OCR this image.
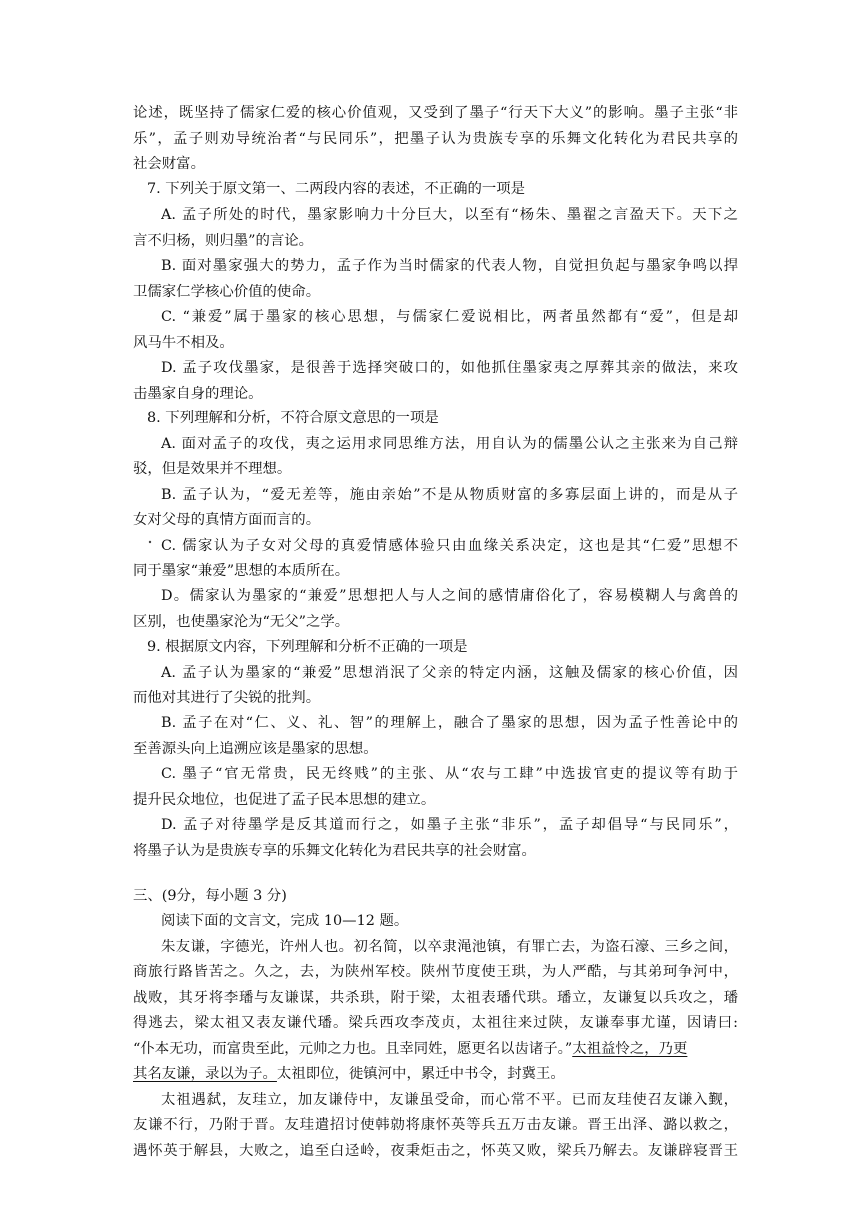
论述，既坚持了儒家仁爱的核心价值观，又受到了墨子“行天下大义”的影响。墨子主张“非
乐”，孟子则劝导统治者“与民同乐”，把墨子认为贵族专享的乐舞文化转化为君民共享的
社会财富。
7. 下列关于原文第一、二两段内容的表述，不正确的一项是
A. 孟子所处的时代，墨家影响力十分巨大，以至有“杨朱、墨翟之言盈天下。天下之
言不归杨，则归墨”的言论。
B. 面对墨家强大的势力，孟子作为当时儒家的代表人物，自觉担负起与墨家争鸣以捍
卫儒家仁学核心价值的使命。
C. “兼爱”属于墨家的核心思想，与儒家仁爱说相比，两者虽然都有“爱”，但是却
风马牛不相及。
D. 孟子攻伐墨家，是很善于选择突破口的，如他抓住墨家夷之厚葬其亲的做法，来攻
击墨家自身的理论。
8. 下列理解和分析，不符合原文意思的一项是
A. 面对孟子的攻伐，夷之运用求同思维方法，用自认为的儒墨公认之主张来为自己辩
驳，但是效果并不理想。
B. 孟子认为，“爱无差等，施由亲始”不是从物质财富的多寡层面上讲的，而是从子
女对父母的真情方面而言的。
C. 儒家认为子女对父母的真爱情感体验只由血缘关系决定，这也是其“仁爱”思想不
同于墨家“兼爱”思想的本质所在。
D。儒家认为墨家的“兼爱”思想把人与人之间的感情庸俗化了，容易模糊人与禽兽的
区别，也使墨家沦为“无父”之学。
9. 根据原文内容，下列理解和分析不正确的一项是
A. 孟子认为墨家的“兼爱”思想消泯了父亲的特定内涵，这触及儒家的核心价值，因
而他对其进行了尖锐的批判。
B. 孟子在对“仁、义、礼、智”的理解上，融合了墨家的思想，因为孟子性善论中的
至善源头向上追溯应该是墨家的思想。
C. 墨子“官无常贵，民无终贱”的主张、从“农与工肆”中选拔官吏的提议等有助于
提升民众地位，也促进了孟子民本思想的建立。
D. 孟子对待墨学是反其道而行之，如墨子主张“非乐”，孟子却倡导“与民同乐”，
将墨子认为是贵族专享的乐舞文化转化为君民共享的社会财富。
三、(9分，每小题 3 分)
阅读下面的文言文，完成 10—12 题。
朱友谦，字德光，许州人也。初名简，以卒隶渑池镇，有罪亡去，为盗石濠、三乡之间，
商旅行路皆苦之。久之，去，为陕州军校。陕州节度使王珙，为人严酷，与其弟珂争河中，
战败，其牙将李璠与友谦谋，共杀珙，附于梁，太祖表璠代珙。璠立，友谦复以兵攻之，璠
得逃去，梁太祖又表友谦代璠。梁兵西攻李茂贞，太祖往来过陕，友谦奉事尤谨，因请曰:
“仆本无功，而富贵至此，元帅之力也。且幸同姓，愿更名以齿诸子。”太祖益怜之，乃更
其名友谦，录以为子。太祖即位，徙镇河中，累迁中书令，封冀王。
太祖遇弑，友珪立，加友谦侍中，友谦虽受命，而心常不平。已而友珪使召友谦入觐，
友谦不行，乃附于晋。友珪遣招讨使韩勍将康怀英等兵五万击友谦。晋王出泽、潞以救之，
遇怀英于解县，大败之，追至白迳岭，夜秉炬击之，怀英又败，梁兵乃解去。友谦辟寝晋王
